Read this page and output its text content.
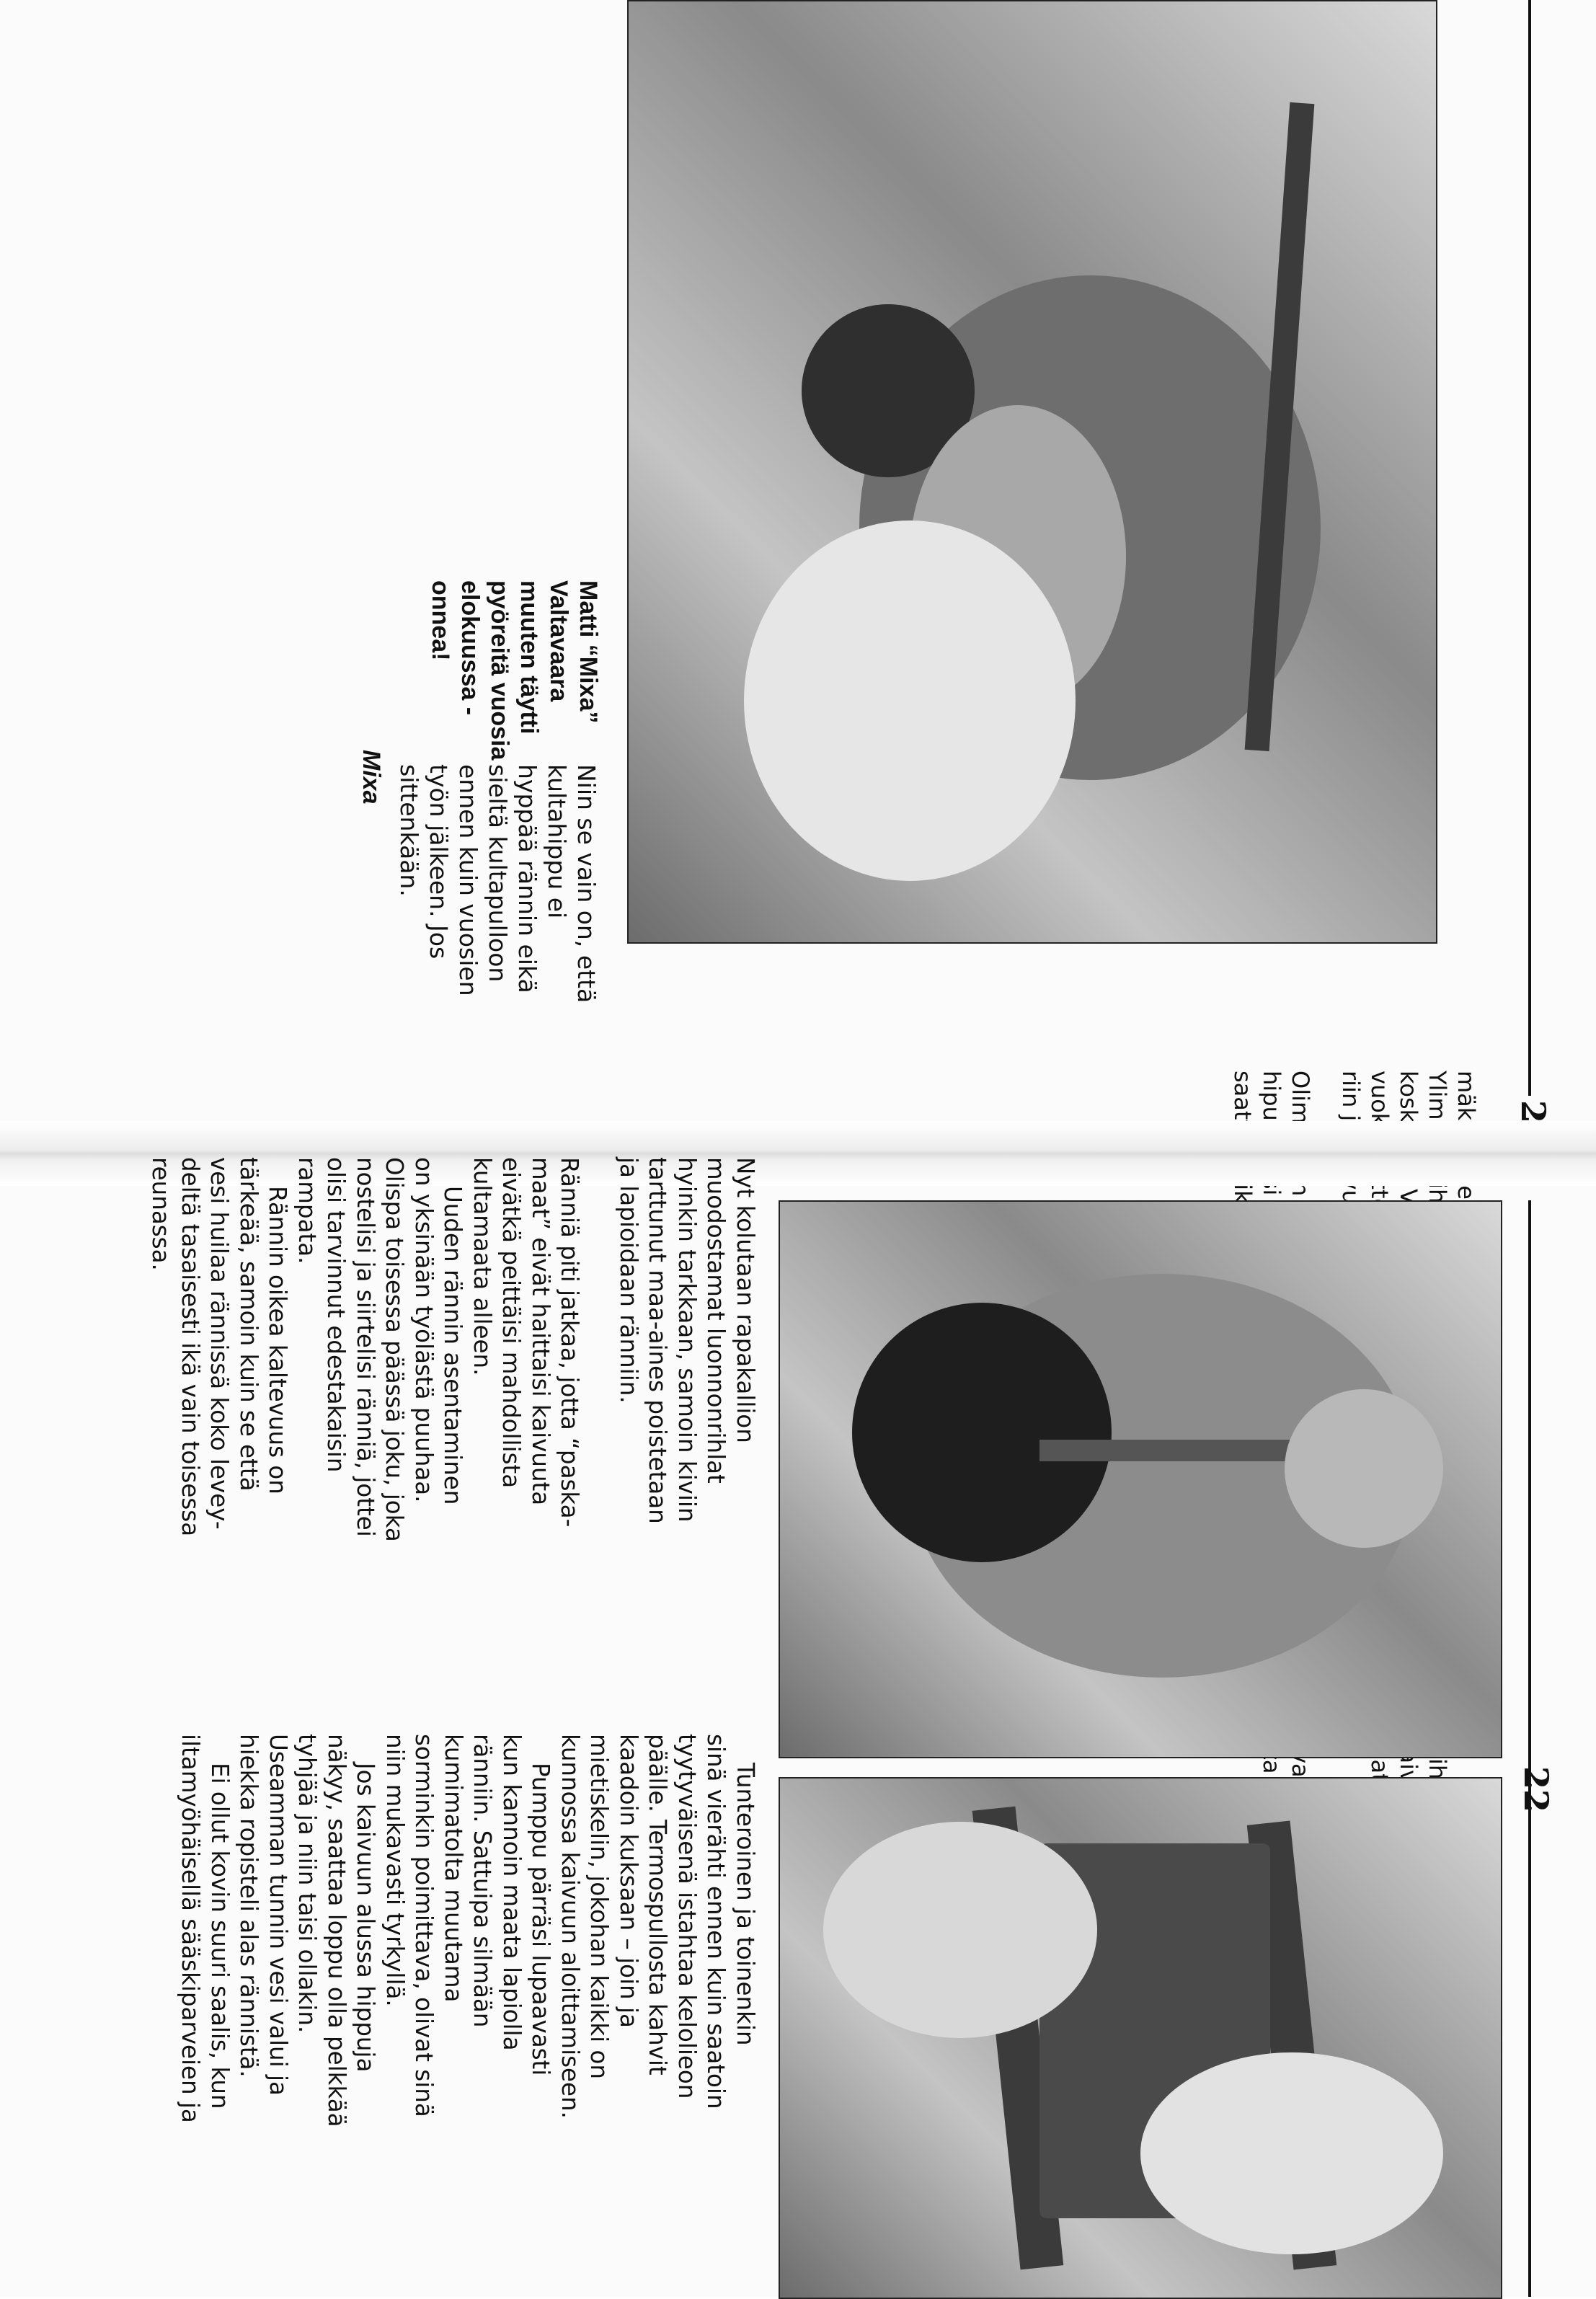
Ylimmät

Niin se vain on, että

kultahippu ei

hyppää rännin eikä

sieltä kultapulloon

ennen kuin vuosien

työn jälkeen. Jos

sittenkään.

Mixa

Matti “Mixa”

Valtavaara

muuten täytti

pyöreitä vuosia

elokuussa -

onnea!

22

Nyt kolutaan rapakallion

muodostamat luonnonrihlat

hyinkin tarkkaan, samoin kiviin

tarttunut maa-aines poistetaan

ja lapioidaan ränniin.

Ränniä piti jatkaa, jotta “paska-

maat” eivät haittaisi kaivuuta

eivätkä peittäisi mahdollista

kultamaata alleen.

Uuden rännin asentaminen

on yksinään työlästä puuhaa.

Olispa toisessa päässä joku, joka

nostelisi ja siirtelisi ränniä, jottei

olisi tarvinnut edestakaisin

rampata.

Rännin oikea kaltevuus on

tärkeää, samoin kuin se että

vesi huilaa rännissä koko levey-

deltä tasaisesti ikä vain toisessa

reunassa.

Tunteroinen ja toinenkin

sinä vierähti ennen kuin saatoin

tyytyväisenä istahtaa kelolieon

päälle. Termospullosta kahvit

kaadoin kuksaan – join ja

mietiskelin, jokohan kaikki on

kunnossa kaivuun aloittamiseen.

Pumppu pärräsi lupaavasti

kun kannoin maata lapiolla

ränniin. Sattuipa silmään

kumimatolta muutama

sorminkin poimittava, olivat sinä

niin mukavasti tyrkyllä.

Jos kaivuun alussa hippuja

näkyy, saattaa loppu olla pelkkää

tyhjää ja niin taisi ollakin.

Useamman tunnin vesi valui ja

hiekka ropisteli alas rännistä.

Ei ollut kovin suuri saalis, kun

iltamyöhäisellä sääskiparveien ja
